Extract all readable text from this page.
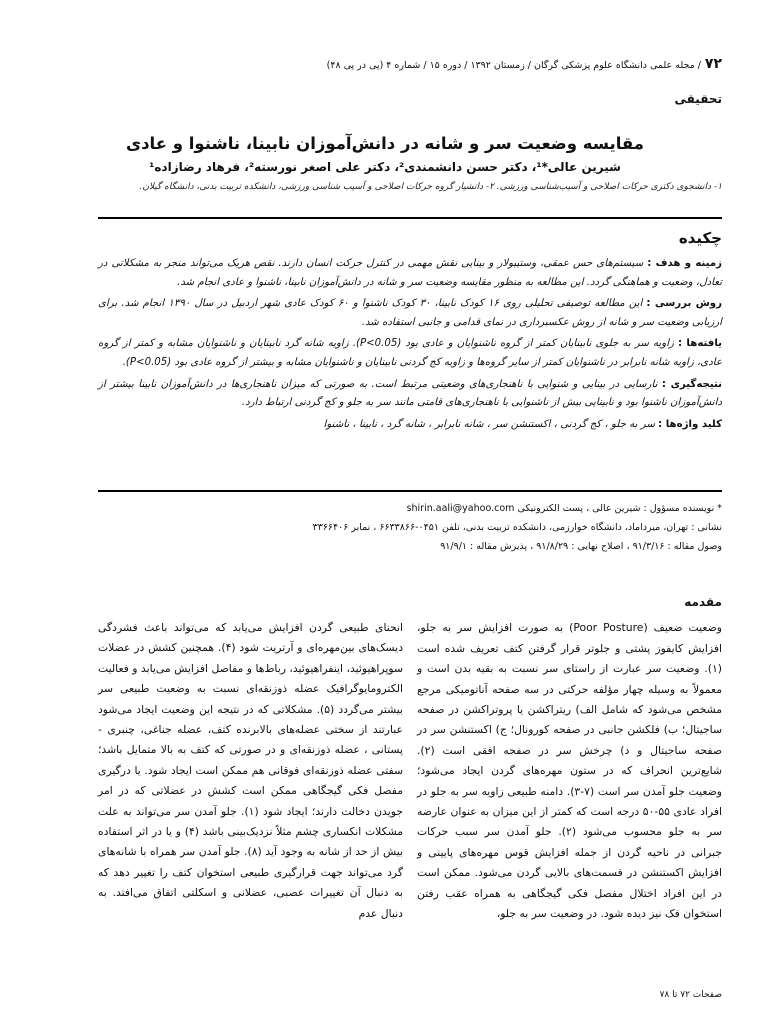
۷۲/ مجله علمی دانشگاه علوم پزشکی گرگان / زمستان ۱۳۹۲ / دوره ۱۵ / شماره ۴ (پی در پی ۴۸)
تحقیقی
مقایسه وضعیت سر و شانه در دانش‌آموزان نابینا، ناشنوا و عادی
شیرین عالی*¹، دکتر حسن دانشمندی²، دکتر علی اصغر نورسته²، فرهاد رضازاده¹
۱- دانشجوی دکتری حرکات اصلاحی و آسیب‌شناسی ورزشی. ۲- دانشیار گروه حرکات اصلاحی و آسیب شناسی ورزشی، دانشکده تربیت بدنی، دانشگاه گیلان.
چکیده

زمینه و هدف : سیستم‌های حس عمقی، وستیبولار و بینایی نقش مهمی در کنترل حرکت انسان دارند. نقص هریک می‌تواند منجر به مشکلاتی در تعادل، وضعیت و هماهنگی گردد. این مطالعه به منظور مقایسه وضعیت سر و شانه در دانش‌آموزان نابینا، ناشنوا و عادی انجام شد.

روش بررسی : این مطالعه توصیفی تحلیلی روی ۱۶ کودک نابینا، ۳۰ کودک ناشنوا و ۶۰ کودک عادی شهر اردبیل در سال ۱۳۹۰ انجام شد. برای ارزیابی وضعیت سر و شانه از روش عکسبرداری در نمای قدامی و جانبی استفاده شد.

یافته‌ها : زاویه سر به جلوی نابینایان کمتر از گروه ناشنوایان و عادی بود (P<0.05). زاویه شانه گرد نابینایان و ناشنوایان مشابه و کمتر از گروه عادی، زاویه شانه نابرابر در ناشنوایان کمتر از سایر گروه‌ها و زاویه کج گردنی نابینایان و ناشنوایان مشابه و بیشتر از گروه عادی بود (P<0.05).

نتیجه‌گیری : نارسایی در بینایی و شنوایی با ناهنجاری‌های وضعیتی مرتبط است. به صورتی که میزان ناهنجاری‌ها در دانش‌آموزان نابینا بیشتر از دانش‌آموزان ناشنوا بود و نابینایی بیش از ناشنوایی با ناهنجاری‌های قامتی مانند سر به جلو و کج گردنی ارتباط دارد.

کلید واژه‌ها : سر به جلو ، کج گردنی ، اکستنشن سر ، شانه نابرابر ، شانه گرد ، نابینا ، ناشنوا

* نویسنده مسؤول : شیرین عالی ، پست الکترونیکی shirin.aali@yahoo.com
نشانی : تهران، میرداماد، دانشگاه خوارزمی، دانشکده تربیت بدنی، تلفن ۰۴۵۱-۶۶۳۳۸۶۶ ، نمابر ۳۳۶۶۴۰۶
وصول مقاله : ۹۱/۳/۱۶ ، اصلاح نهایی : ۹۱/۸/۲۹ ، پذیرش مقاله : ۹۱/۹/۱
مقدمه

وضعیت ضعیف (Poor Posture) به صورت افزایش سر به جلو، افزایش کایفوز پشتی و جلوتر قرار گرفتن کتف تعریف شده است (۱). وضعیت سر عبارت از راستای سر نسبت به بقیه بدن است و معمولاً به وسیله چهار مؤلفه حرکتی در سه صفحه آناتومیکی مرجع مشخص می‌شود که شامل الف) ریتراکشن یا پروتراکشن در صفحه ساجیتال؛ ب) فلکشن جانبی در صفحه کورونال؛ ج) اکستنشن سر در صفحه ساجیتال و د) چرخش سر در صفحه افقی است (۲). شایع‌ترین انحراف که در ستون مهره‌های گردن ایجاد می‌شود؛ وضعیت جلو آمدن سر است (۷-۳). دامنه طبیعی زاویه سر به جلو در افراد عادی ۵۵-۵۰ درجه است که کمتر از این میزان به عنوان عارضه سر به جلو محسوب می‌شود (۲). جلو آمدن سر سبب حرکات جبرانی در ناحیه گردن از جمله افزایش قوس مهره‌های پایینی و افزایش اکستنشن در قسمت‌های بالایی گردن می‌شود. ممکن است در این افراد اختلال مفصل فکی گیجگاهی به همراه عقب رفتن استخوان فک نیز دیده شود. در وضعیت سر به جلو،

انحنای طبیعی گردن افزایش می‌یابد که می‌تواند باعث فشردگی دیسک‌های بین‌مهره‌ای و آرتریت شود (۴). همچنین کشش در عضلات سوپراهیوئید، اینفراهیوئید، رباط‌ها و مفاصل افزایش می‌یابد و فعالیت الکترومایوگرافیک عضله ذوزنقه‌ای نسبت به وضعیت طبیعی سر بیشتر می‌گردد (۵). مشکلاتی که در نتیجه این وضعیت ایجاد می‌شود عبارتند از سختی عضله‌های بالابرنده کتف، عضله جناغی، چنبری - پستانی ، عضله ذوزنقه‌ای و در صورتی که کتف به بالا متمایل باشد؛ سفتی عضله ذوزنقه‌ای فوقانی هم ممکن است ایجاد شود. یا درگیری مفصل فکی گیجگاهی ممکن است کشش در عضلاتی که در امر جویدن دخالت دارند؛ ایجاد شود (۱). جلو آمدن سر می‌تواند به علت مشکلات انکساری چشم مثلاً نزدیک‌بینی باشد (۴) و یا در اثر استفاده بیش از حد از شانه به وجود آید (۸). جلو آمدن سر همراه با شانه‌های گرد می‌تواند جهت قرارگیری طبیعی استخوان کتف را تغییر دهد که به دنبال آن تغییرات عصبی، عضلانی و اسکلتی اتفاق می‌افتد. به دنبال عدم

صفحات ۷۲ تا ۷۸
